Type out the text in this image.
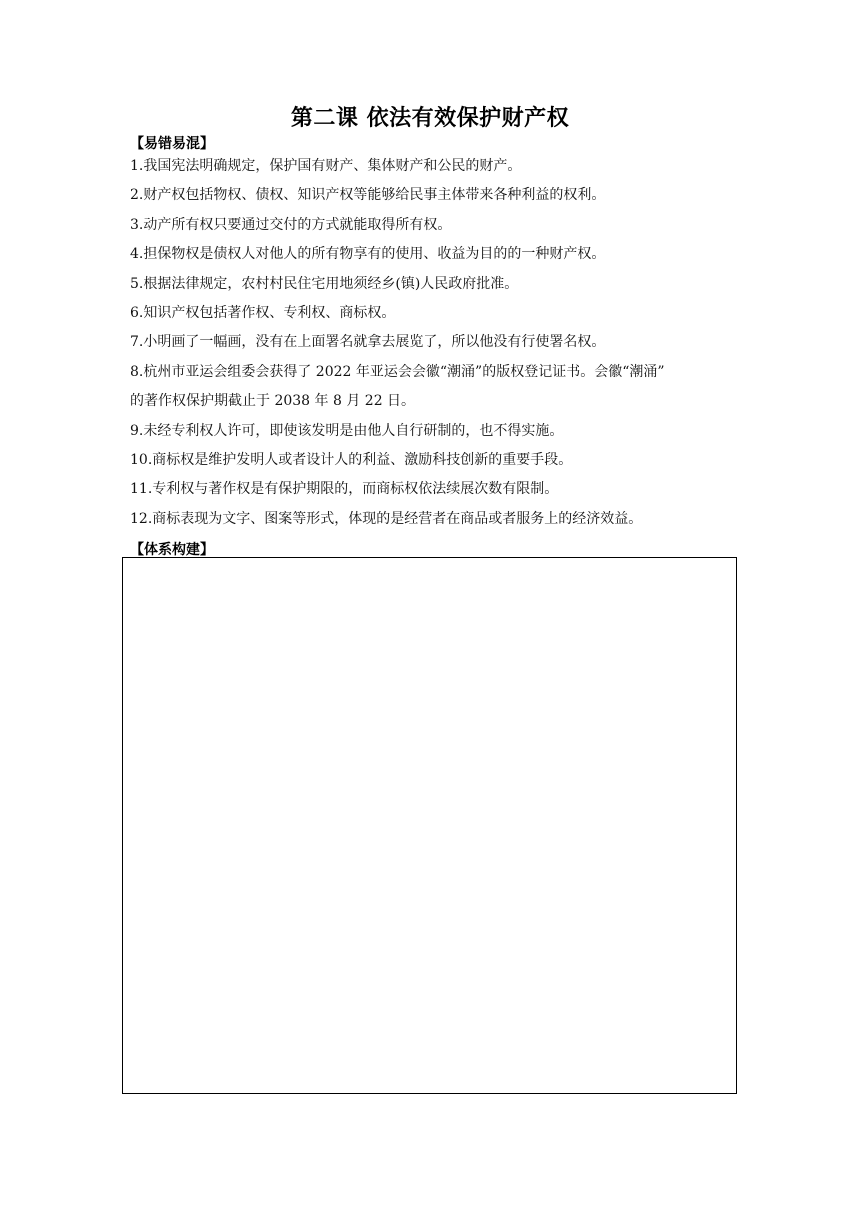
第二课 依法有效保护财产权
【易错易混】
1.我国宪法明确规定，保护国有财产、集体财产和公民的财产。
2.财产权包括物权、债权、知识产权等能够给民事主体带来各种利益的权利。
3.动产所有权只要通过交付的方式就能取得所有权。
4.担保物权是债权人对他人的所有物享有的使用、收益为目的的一种财产权。
5.根据法律规定，农村村民住宅用地须经乡(镇)人民政府批准。
6.知识产权包括著作权、专利权、商标权。
7.小明画了一幅画，没有在上面署名就拿去展览了，所以他没有行使署名权。
8.杭州市亚运会组委会获得了 2022 年亚运会会徽“潮涌”的版权登记证书。会徽“潮涌”
的著作权保护期截止于 2038 年 8 月 22 日。
9.未经专利权人许可，即使该发明是由他人自行研制的，也不得实施。
10.商标权是维护发明人或者设计人的利益、激励科技创新的重要手段。
11.专利权与著作权是有保护期限的，而商标权依法续展次数有限制。
12.商标表现为文字、图案等形式，体现的是经营者在商品或者服务上的经济效益。
【体系构建】
